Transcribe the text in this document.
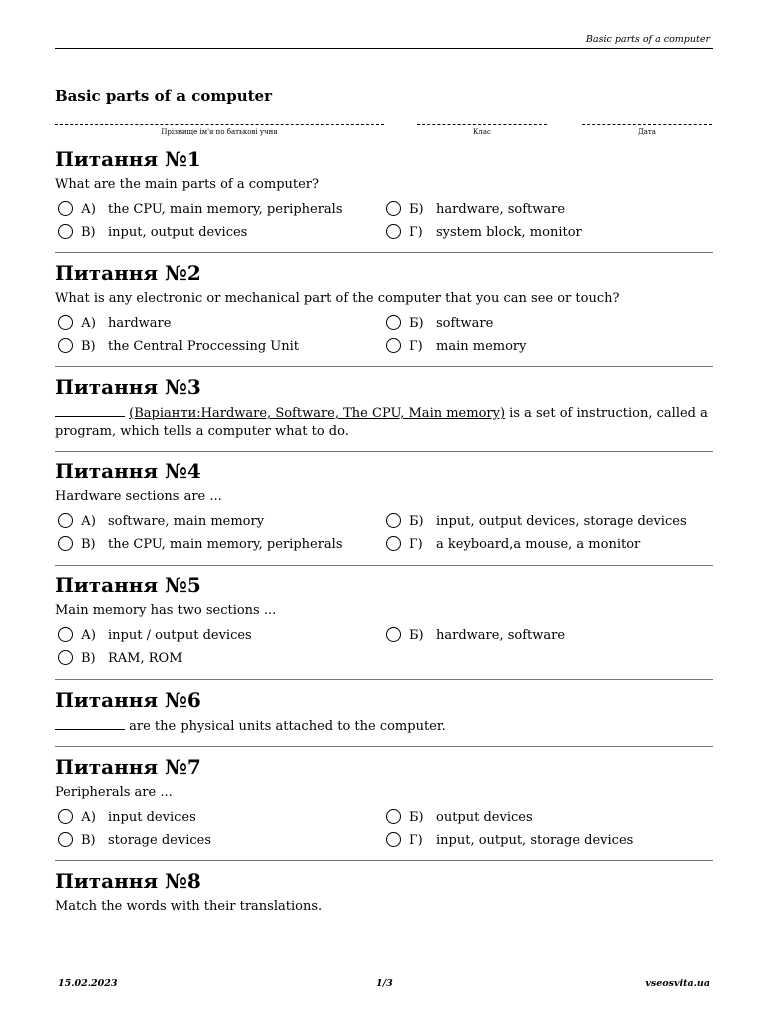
Basic parts of a computer
Basic parts of a computer
Прізвище ім'я по батькові учня	Клас	Дата
Питання №1
What are the main parts of a computer?
А) the CPU, main memory, peripherals	Б) hardware, software
В) input, output devices	Г) system block, monitor
Питання №2
What is any electronic or mechanical part of the computer that you can see or touch?
А) hardware	Б) software
В) the Central Proccessing Unit	Г) main memory
Питання №3
(Варіанти:Hardware, Software, The CPU, Main memory) is a set of instruction, called a
program, which tells a computer what to do.
Питання №4
Hardware sections are ...
А) software, main memory	Б) input, output devices, storage devices
В) the CPU, main memory, peripherals	Г) a keyboard,a mouse, a monitor
Питання №5
Main memory has two sections ...
А) input / output devices	Б) hardware, software
В) RAM, ROM
Питання №6
are the physical units attached to the computer.
Питання №7
Peripherals are ...
А) input devices	Б) output devices
В) storage devices	Г) input, output, storage devices
Питання №8
Match the words with their translations.
15.02.2023	1/3	vseosvita.ua
